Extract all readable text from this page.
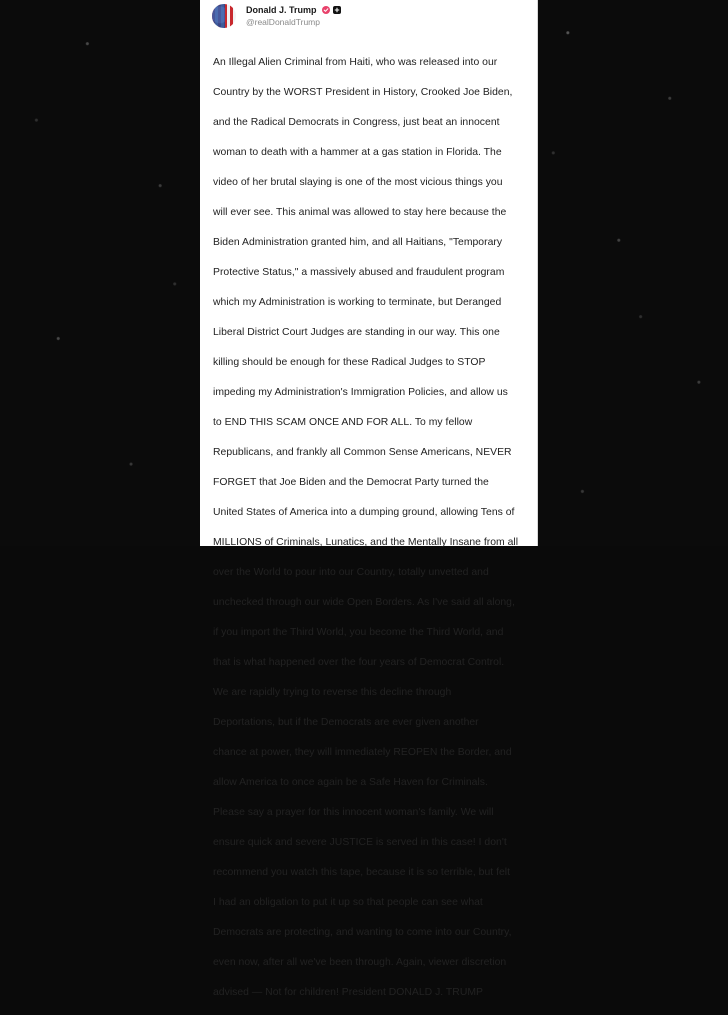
Donald J. Trump
@realDonaldTrump

An Illegal Alien Criminal from Haiti, who was released into our

Country by the WORST President in History, Crooked Joe Biden,

and the Radical Democrats in Congress, just beat an innocent

woman to death with a hammer at a gas station in Florida. The

video of her brutal slaying is one of the most vicious things you

will ever see. This animal was allowed to stay here because the

Biden Administration granted him, and all Haitians, "Temporary

Protective Status," a massively abused and fraudulent program

which my Administration is working to terminate, but Deranged

Liberal District Court Judges are standing in our way. This one

killing should be enough for these Radical Judges to STOP

impeding my Administration's Immigration Policies, and allow us

to END THIS SCAM ONCE AND FOR ALL. To my fellow

Republicans, and frankly all Common Sense Americans, NEVER

FORGET that Joe Biden and the Democrat Party turned the

United States of America into a dumping ground, allowing Tens of

MILLIONS of Criminals, Lunatics, and the Mentally Insane from all

over the World to pour into our Country, totally unvetted and

unchecked through our wide Open Borders. As I've said all along,

if you import the Third World, you become the Third World, and

that is what happened over the four years of Democrat Control.

We are rapidly trying to reverse this decline through

Deportations, but if the Democrats are ever given another

chance at power, they will immediately REOPEN the Border, and

allow America to once again be a Safe Haven for Criminals.

Please say a prayer for this innocent woman's family. We will

ensure quick and severe JUSTICE is served in this case! I don't

recommend you watch this tape, because it is so terrible, but felt

I had an obligation to put it up so that people can see what

Democrats are protecting, and wanting to come into our Country,

even now, after all we've been through. Again, viewer discretion

advised — Not for children! President DONALD J. TRUMP
